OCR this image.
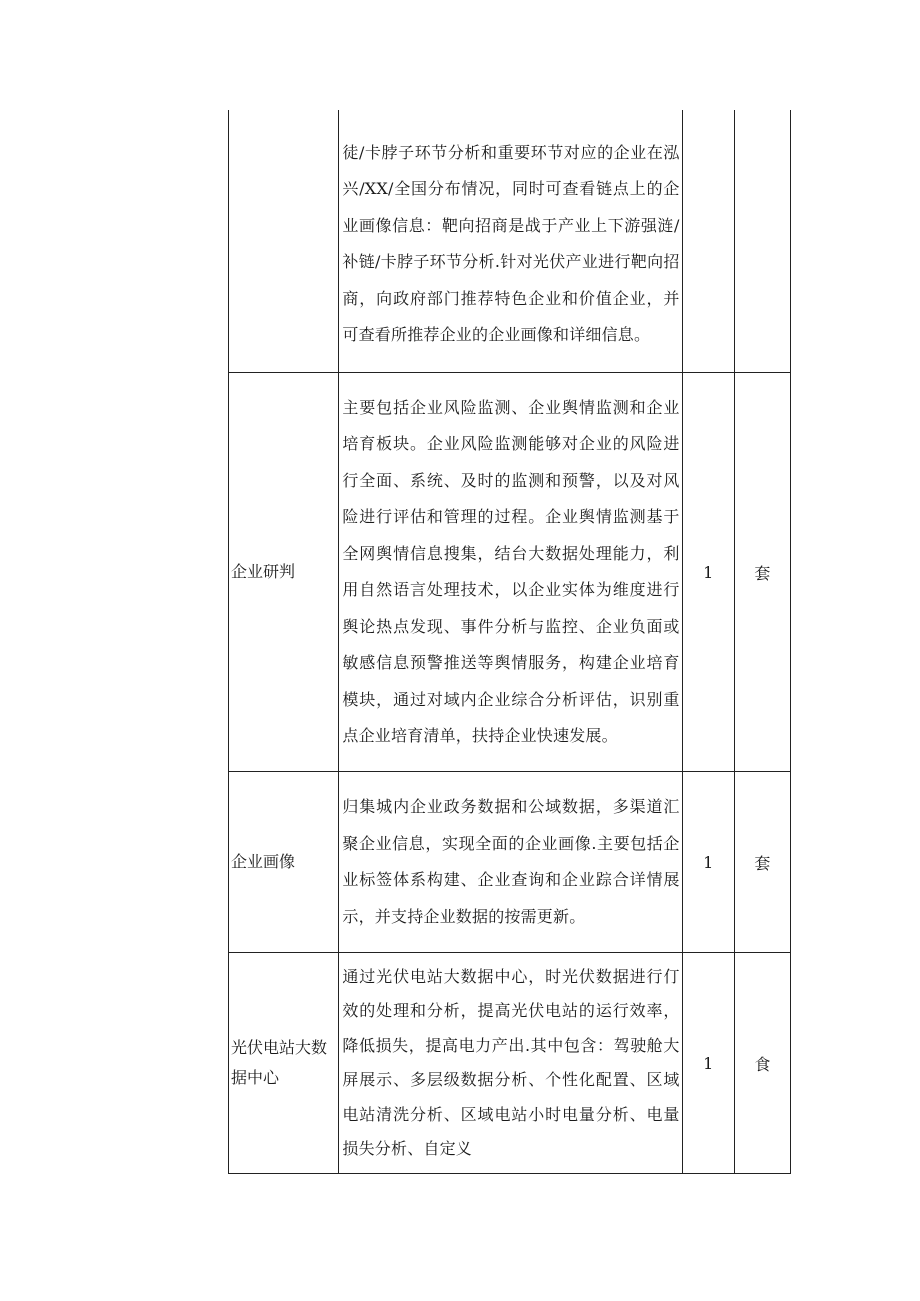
	徒/卡脖子环节分析和重要环节对应的企业在泓兴/XX/全国分布情况，同时可查看链点上的企业画像信息：靶向招商是战于产业上下游强涟/补链/卡脖子环节分析.针对光伏产业进行靶向招商，向政府部门推荐特色企业和价值企业，并可查看所推荐企业的企业画像和详细信息。		
企业研判	主要包括企业风险监测、企业舆情监测和企业培育板块。企业风险监测能够对企业的风险进行全面、系统、及时的监测和预警，以及对风险进行评估和管理的过程。企业舆情监测基于全网舆情信息搜集，结台大数据处理能力，利用自然语言处理技术，以企业实体为维度进行舆论热点发现、事件分析与监控、企业负面或敏感信息预警推送等舆情服务，构建企业培育模块，通过对域内企业综合分析评估，识别重点企业培育清单，扶持企业快速发展。	1	套
企业画像	归集城内企业政务数据和公域数据，多渠道汇聚企业信息，实现全面的企业画像.主要包括企业标签体系构建、企业查询和企业踪合详情展示，并支持企业数据的按需更新。	1	套
光伏电站大数据中心	通过光伏电站大数据中心，时光伏数据进行仃效的处理和分析，提高光伏电站的运行效率，降低损失，提高电力产出.其中包含：驾驶舱大屏展示、多层级数据分析、个性化配置、区域电站清洗分析、区域电站小时电量分析、电量损失分析、自定义	1	食
